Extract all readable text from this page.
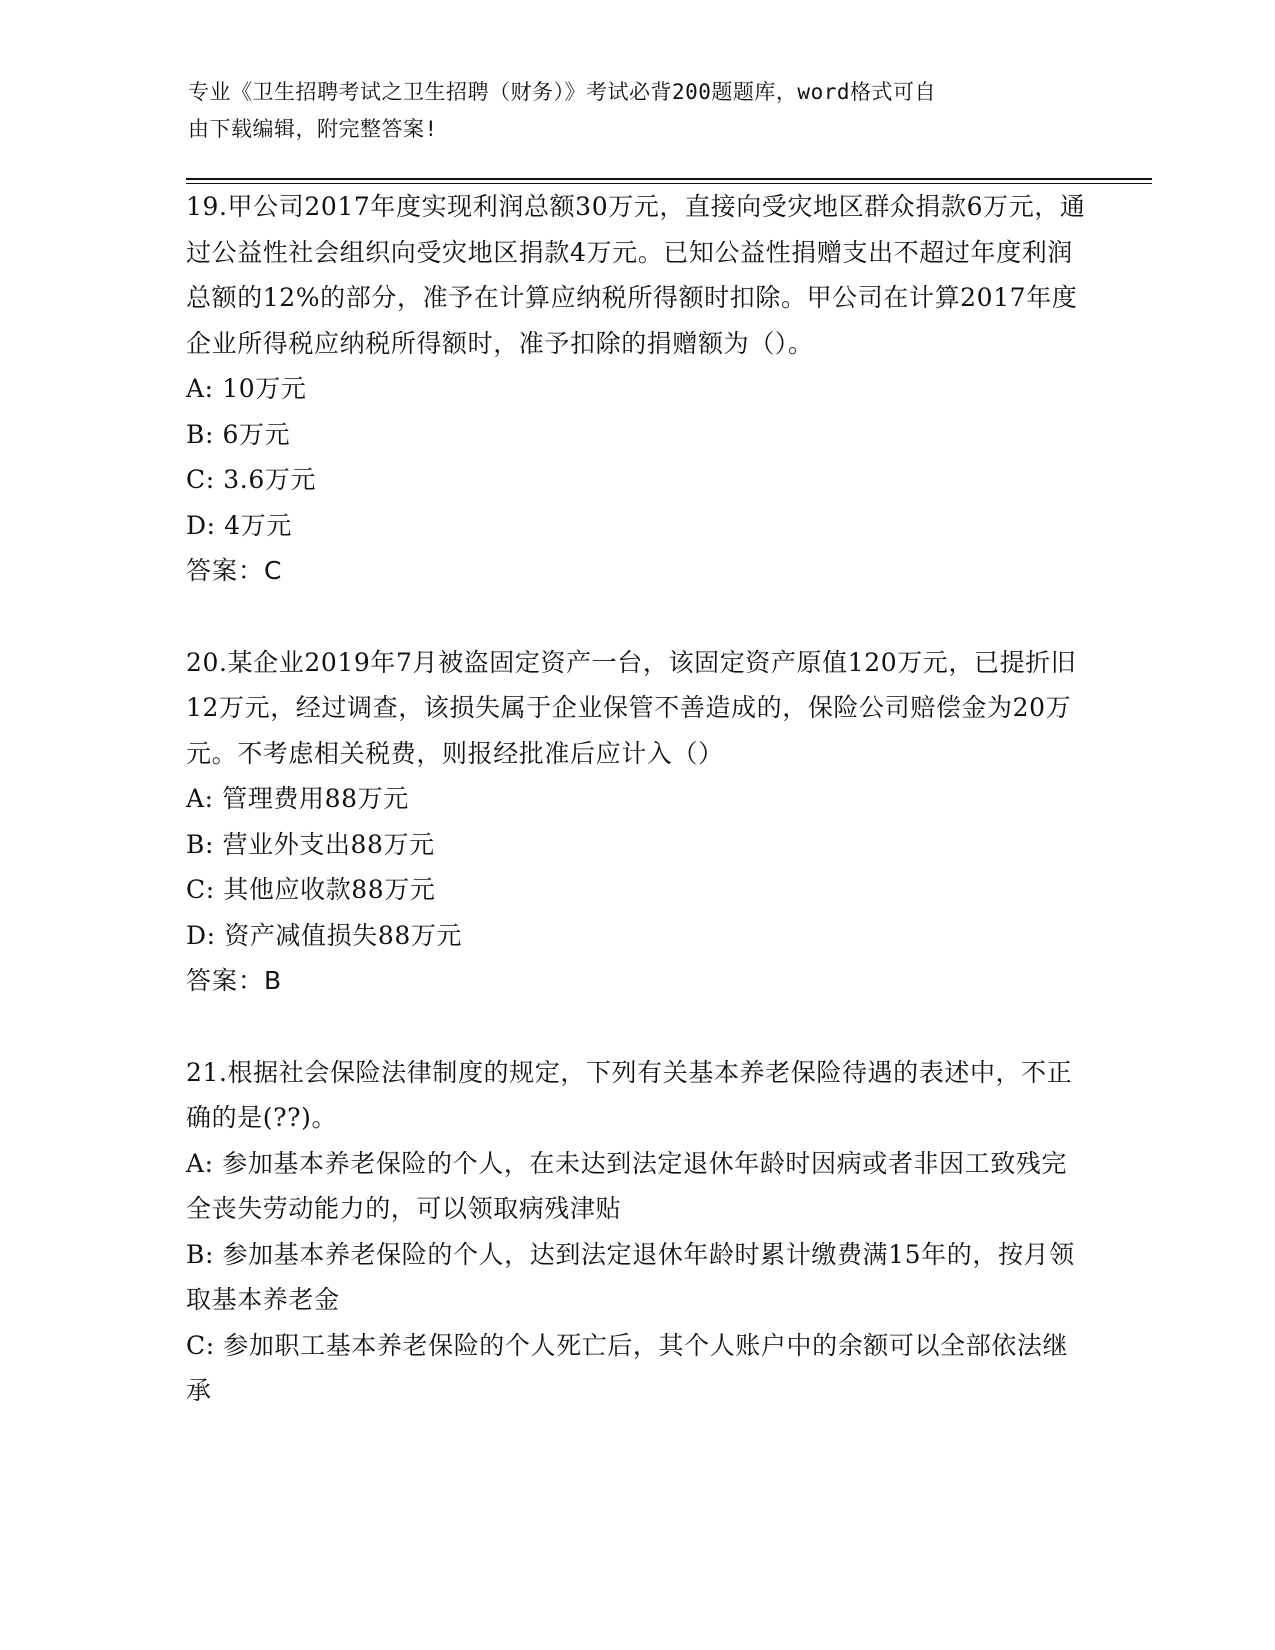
专业《卫生招聘考试之卫生招聘（财务）》考试必背200题题库，word格式可自
由下载编辑，附完整答案!
19.甲公司2017年度实现利润总额30万元，直接向受灾地区群众捐款6万元，通过公益性社会组织向受灾地区捐款4万元。已知公益性捐赠支出不超过年度利润总额的12%的部分，准予在计算应纳税所得额时扣除。甲公司在计算2017年度企业所得税应纳税所得额时，准予扣除的捐赠额为（）。
A: 10万元
B: 6万元
C: 3.6万元
D: 4万元
答案：C
20.某企业2019年7月被盗固定资产一台，该固定资产原值120万元，已提折旧12万元，经过调查，该损失属于企业保管不善造成的，保险公司赔偿金为20万元。不考虑相关税费，则报经批准后应计入（）
A: 管理费用88万元
B: 营业外支出88万元
C: 其他应收款88万元
D: 资产减值损失88万元
答案：B
21.根据社会保险法律制度的规定，下列有关基本养老保险待遇的表述中，不正确的是(??)。
A: 参加基本养老保险的个人，在未达到法定退休年龄时因病或者非因工致残完全丧失劳动能力的，可以领取病残津贴
B: 参加基本养老保险的个人，达到法定退休年龄时累计缴费满15年的，按月领取基本养老金
C: 参加职工基本养老保险的个人死亡后，其个人账户中的余额可以全部依法继承
